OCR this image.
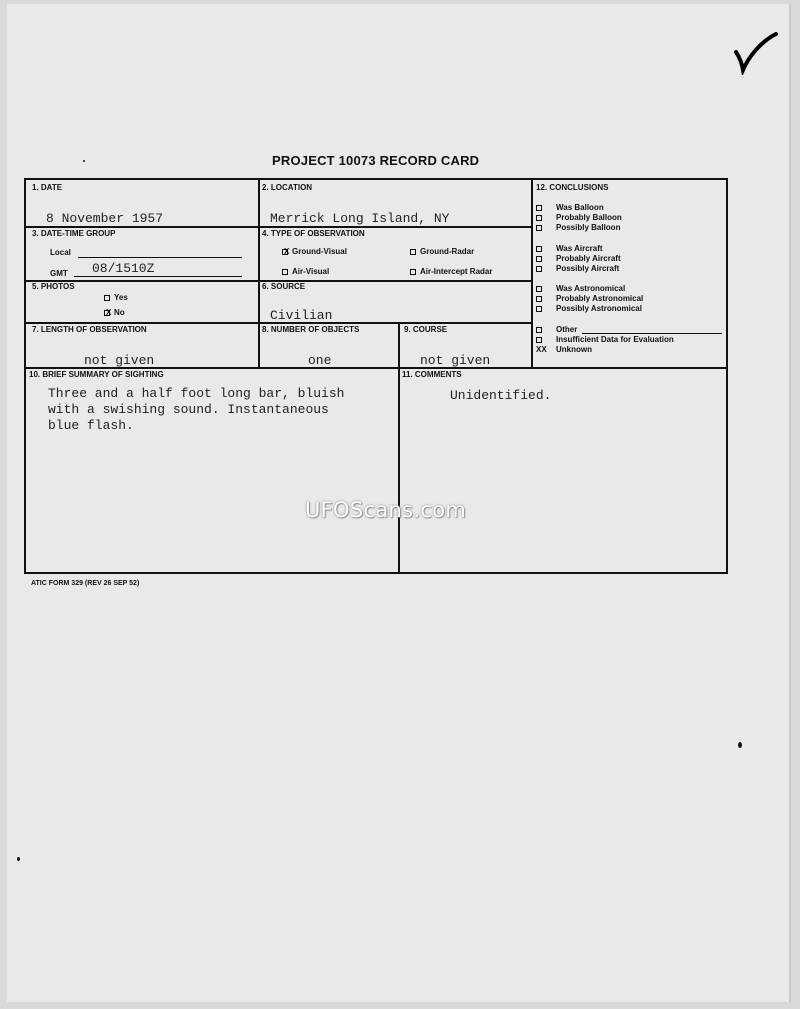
PROJECT 10073 RECORD CARD
1. DATE
8 November 1957
2. LOCATION
Merrick Long Island, NY
3. DATE-TIME GROUP
Local
GMT 08/1510Z
4. TYPE OF OBSERVATION
X Ground-Visual	Ground-Radar
Air-Visual	Air-Intercept Radar
5. PHOTOS
Yes
X No
6. SOURCE
Civilian
7. LENGTH OF OBSERVATION
not given
8. NUMBER OF OBJECTS
one
9. COURSE
not given
10. BRIEF SUMMARY OF SIGHTING
Three and a half foot long bar, bluish
with a swishing sound. Instantaneous
blue flash.
11. COMMENTS
Unidentified.
12. CONCLUSIONS
Was Balloon
Probably Balloon
Possibly Balloon
Was Aircraft
Probably Aircraft
Possibly Aircraft
Was Astronomical
Probably Astronomical
Possibly Astronomical
Other
Insufficient Data for Evaluation
XX Unknown
UFOScans.com
ATIC FORM 329 (REV 26 SEP 52)
